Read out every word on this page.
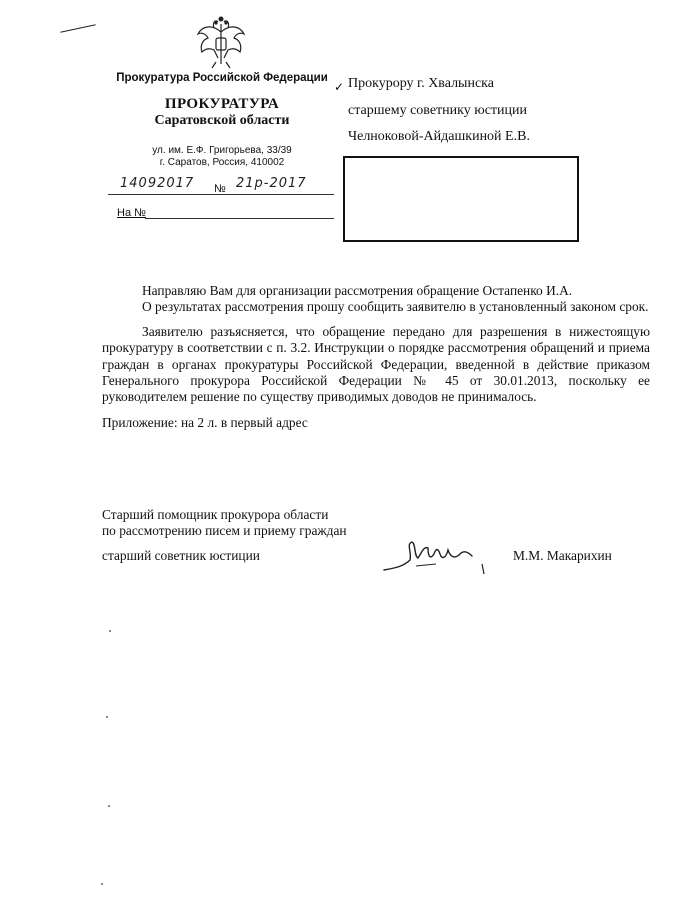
Прокуратура Российской Федерации
ПРОКУРАТУРА
Саратовской области
ул. им. Е.Ф. Григорьева, 33/39
г. Саратов, Россия, 410002
14092017 № 21р-2017
На №
✓ Прокурору г. Хвалынска
старшему советнику юстиции
Челноковой-Айдашкиной Е.В.

Направляю Вам для организации рассмотрения обращение Остапенко И.А.

О результатах рассмотрения прошу сообщить заявителю в установленный законом срок.

Заявителю разъясняется, что обращение передано для разрешения в нижестоящую прокуратуру в соответствии с п. 3.2. Инструкции о порядке рассмотрения обращений и приема граждан в органах прокуратуры Российской Федерации, введенной в действие приказом Генерального прокурора Российской Федерации № 45 от 30.01.2013, поскольку ее руководителем решение по существу приводимых доводов не принималось.

Приложение: на 2 л. в первый адрес

Старший помощник прокурора области
по рассмотрению писем и приему граждан
старший советник юстиции	М.М. Макарихин
